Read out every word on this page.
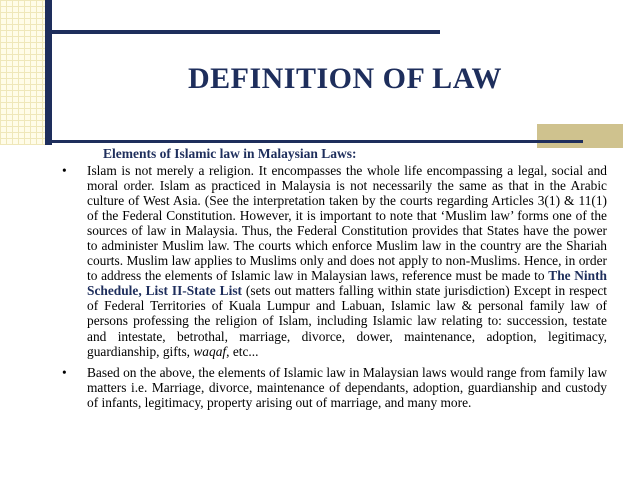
DEFINITION OF LAW

Elements of Islamic law in Malaysian Laws:

• Islam is not merely a religion. It encompasses the whole life encompassing a legal, social and moral order. Islam as practiced in Malaysia is not necessarily the same as that in the Arabic culture of West Asia. (See the interpretation taken by the courts regarding Articles 3(1) & 11(1) of the Federal Constitution. However, it is important to note that ‘Muslim law’ forms one of the sources of law in Malaysia. Thus, the Federal Constitution provides that States have the power to administer Muslim law. The courts which enforce Muslim law in the country are the Shariah courts. Muslim law applies to Muslims only and does not apply to non-Muslims. Hence, in order to address the elements of Islamic law in Malaysian laws, reference must be made to The Ninth Schedule, List II-State List (sets out matters falling within state jurisdiction) Except in respect of Federal Territories of Kuala Lumpur and Labuan, Islamic law & personal family law of persons professing the religion of Islam, including Islamic law relating to: succession, testate and intestate, betrothal, marriage, divorce, dower, maintenance, adoption, legitimacy, guardianship, gifts, waqaf, etc...
• Based on the above, the elements of Islamic law in Malaysian laws would range from family law matters i.e. Marriage, divorce, maintenance of dependants, adoption, guardianship and custody of infants, legitimacy, property arising out of marriage, and many more.
